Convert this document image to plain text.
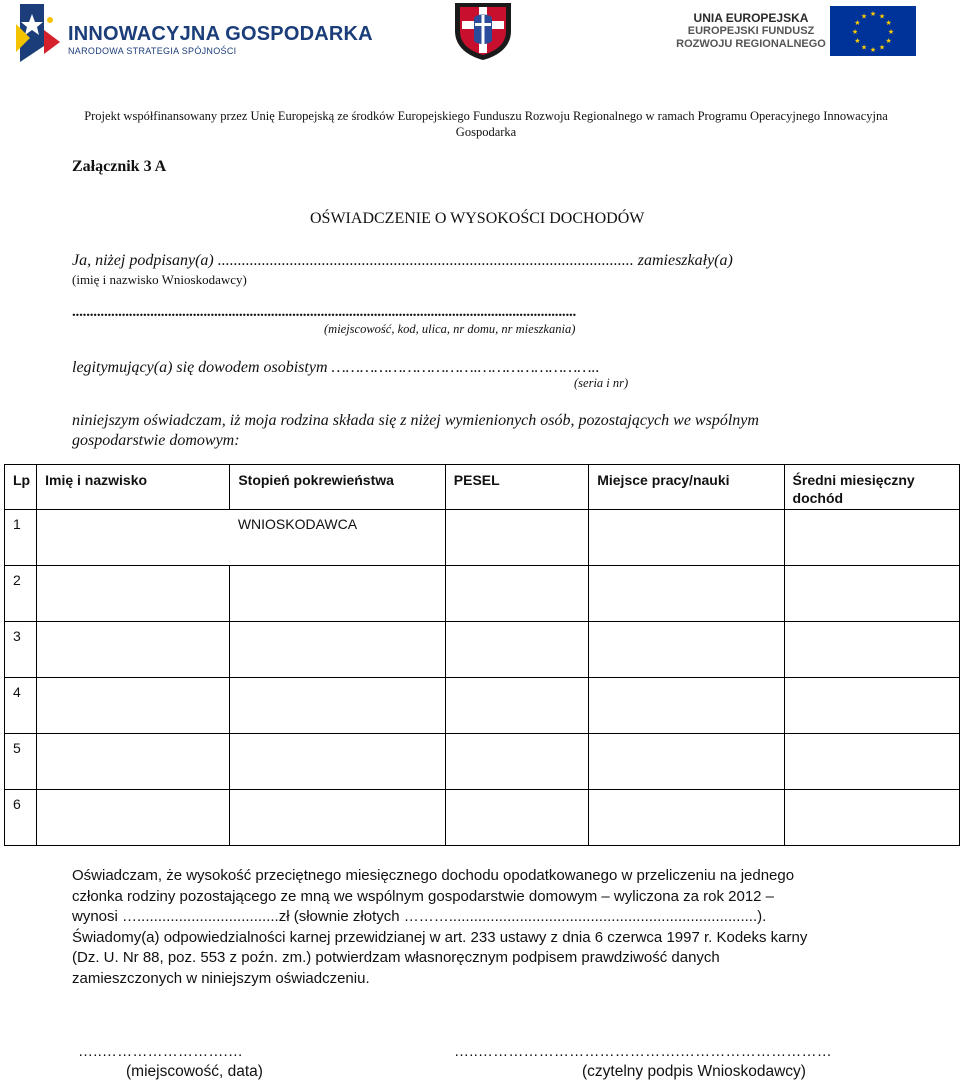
INNOWACYJNA GOSPODARKA
NARODOWA STRATEGIA SPÓJNOŚCI
UNIA EUROPEJSKA
EUROPEJSKI FUNDUSZ
ROZWOJU REGIONALNEGO
★ ★
★
★
★
★
★
★
★
★
★
★
Projekt współfinansowany przez Unię Europejską ze środków Europejskiego Funduszu Rozwoju Regionalnego w ramach Programu Operacyjnego Innowacyjna
Gospodarka
Załącznik 3 A
OŚWIADCZENIE O WYSOKOŚCI DOCHODÓW
Ja, niżej podpisany(a) ........................................................................................................ zamieszkały(a)
(imię i nazwisko Wnioskodawcy)
..............................................................................................................................................
(miejscowość, kod, ulica, nr domu, nr mieszkania)
legitymujący(a) się dowodem osobistym ………………………….……………………..
(seria i nr)
niniejszym oświadczam, iż moja rodzina składa się z niżej wymienionych osób, pozostających we wspólnym
gospodarstwie domowym:
Lp	Imię i nazwisko	Stopień pokrewieństwa	PESEL	Miejsce pracy/nauki	Średni miesięczny dochód
1		WNIOSKODAWCA			
2					
3					
4					
5					
6					
Oświadczam, że wysokość przeciętnego miesięcznego dochodu opodatkowanego w przeliczeniu na jednego
członka rodziny pozostającego ze mną we wspólnym gospodarstwie domowym – wyliczona za rok 2012 –
wynosi …..................................zł (słownie złotych ………..........................................................................).
Świadomy(a) odpowiedzialności karnej przewidzianej w art. 233 ustawy z dnia 6 czerwca 1997 r. Kodeks karny
(Dz. U. Nr 88, poz. 553 z poźn. zm.) potwierdzam własnoręcznym podpisem prawdziwość danych
zamieszczonych w niniejszym oświadczeniu.
…..…………………….…
(miejscowość, data)
…..………………………………….…………………………
(czytelny podpis Wnioskodawcy)
